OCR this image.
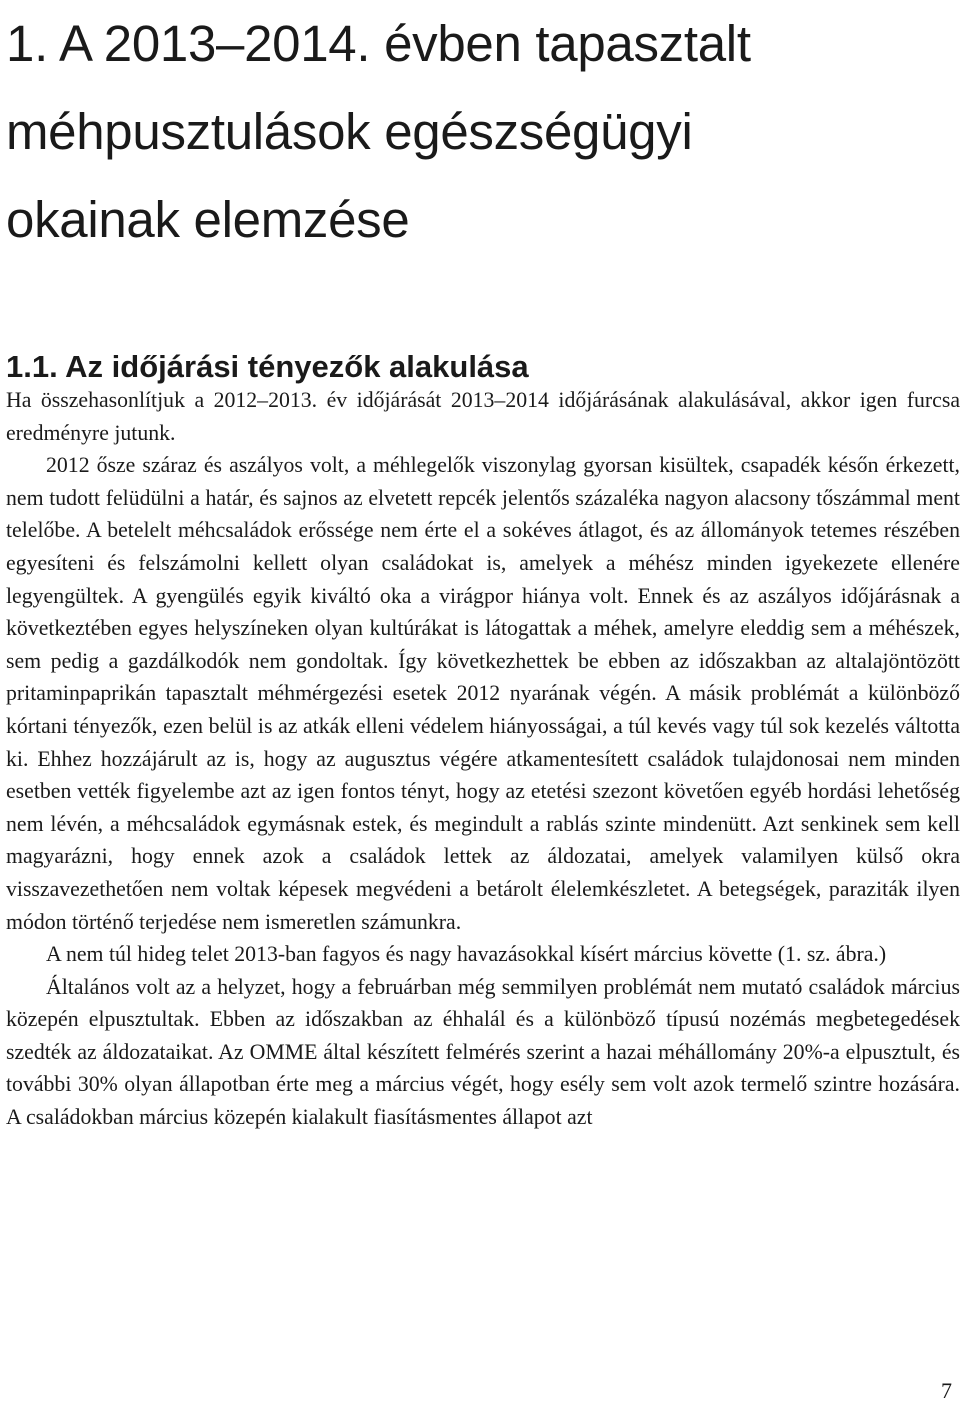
1. A 2013–2014. évben tapasztalt
méhpusztulások egészségügyi
okainak elemzése
1.1. Az időjárási tényezők alakulása

Ha összehasonlítjuk a 2012–2013. év időjárását 2013–2014 időjárásának alakulásával, akkor igen furcsa eredményre jutunk.

2012 ősze száraz és aszályos volt, a méhlegelők viszonylag gyorsan kisültek, csapadék későn érkezett, nem tudott felüdülni a határ, és sajnos az elvetett repcék jelentős százaléka nagyon alacsony tőszámmal ment telelőbe. A betelelt méhcsaládok erőssége nem érte el a sokéves átlagot, és az állományok tetemes részében egyesíteni és felszámolni kellett olyan családokat is, amelyek a méhész minden igyekezete ellenére legyengültek. A gyengülés egyik kiváltó oka a virágpor hiánya volt. Ennek és az aszályos időjárásnak a következtében egyes helyszíneken olyan kultúrákat is látogattak a méhek, amelyre eleddig sem a méhészek, sem pedig a gazdálkodók nem gondoltak. Így következhettek be ebben az időszakban az altalajöntözött pritaminpaprikán tapasztalt méhmérgezési esetek 2012 nyarának végén. A másik problémát a különböző kórtani tényezők, ezen belül is az atkák elleni védelem hiányosságai, a túl kevés vagy túl sok kezelés váltotta ki. Ehhez hozzájárult az is, hogy az augusztus végére atkamentesített családok tulajdonosai nem minden esetben vették figyelembe azt az igen fontos tényt, hogy az etetési szezont követően egyéb hordási lehetőség nem lévén, a méhcsaládok egymásnak estek, és megindult a rablás szinte mindenütt. Azt senkinek sem kell magyarázni, hogy ennek azok a családok lettek az áldozatai, amelyek valamilyen külső okra visszavezethetően nem voltak képesek megvédeni a betárolt élelemkészletet. A betegségek, paraziták ilyen módon történő terjedése nem ismeretlen számunkra.

A nem túl hideg telet 2013-ban fagyos és nagy havazásokkal kísért március követte (1. sz. ábra.)

Általános volt az a helyzet, hogy a februárban még semmilyen problémát nem mutató családok március közepén elpusztultak. Ebben az időszakban az éhhalál és a különböző típusú nozémás megbetegedések szedték az áldozataikat. Az OMME által készített felmérés szerint a hazai méhállomány 20%-a elpusztult, és további 30% olyan állapotban érte meg a március végét, hogy esély sem volt azok termelő szintre hozására. A családokban március közepén kialakult fiasításmentes állapot azt

7
